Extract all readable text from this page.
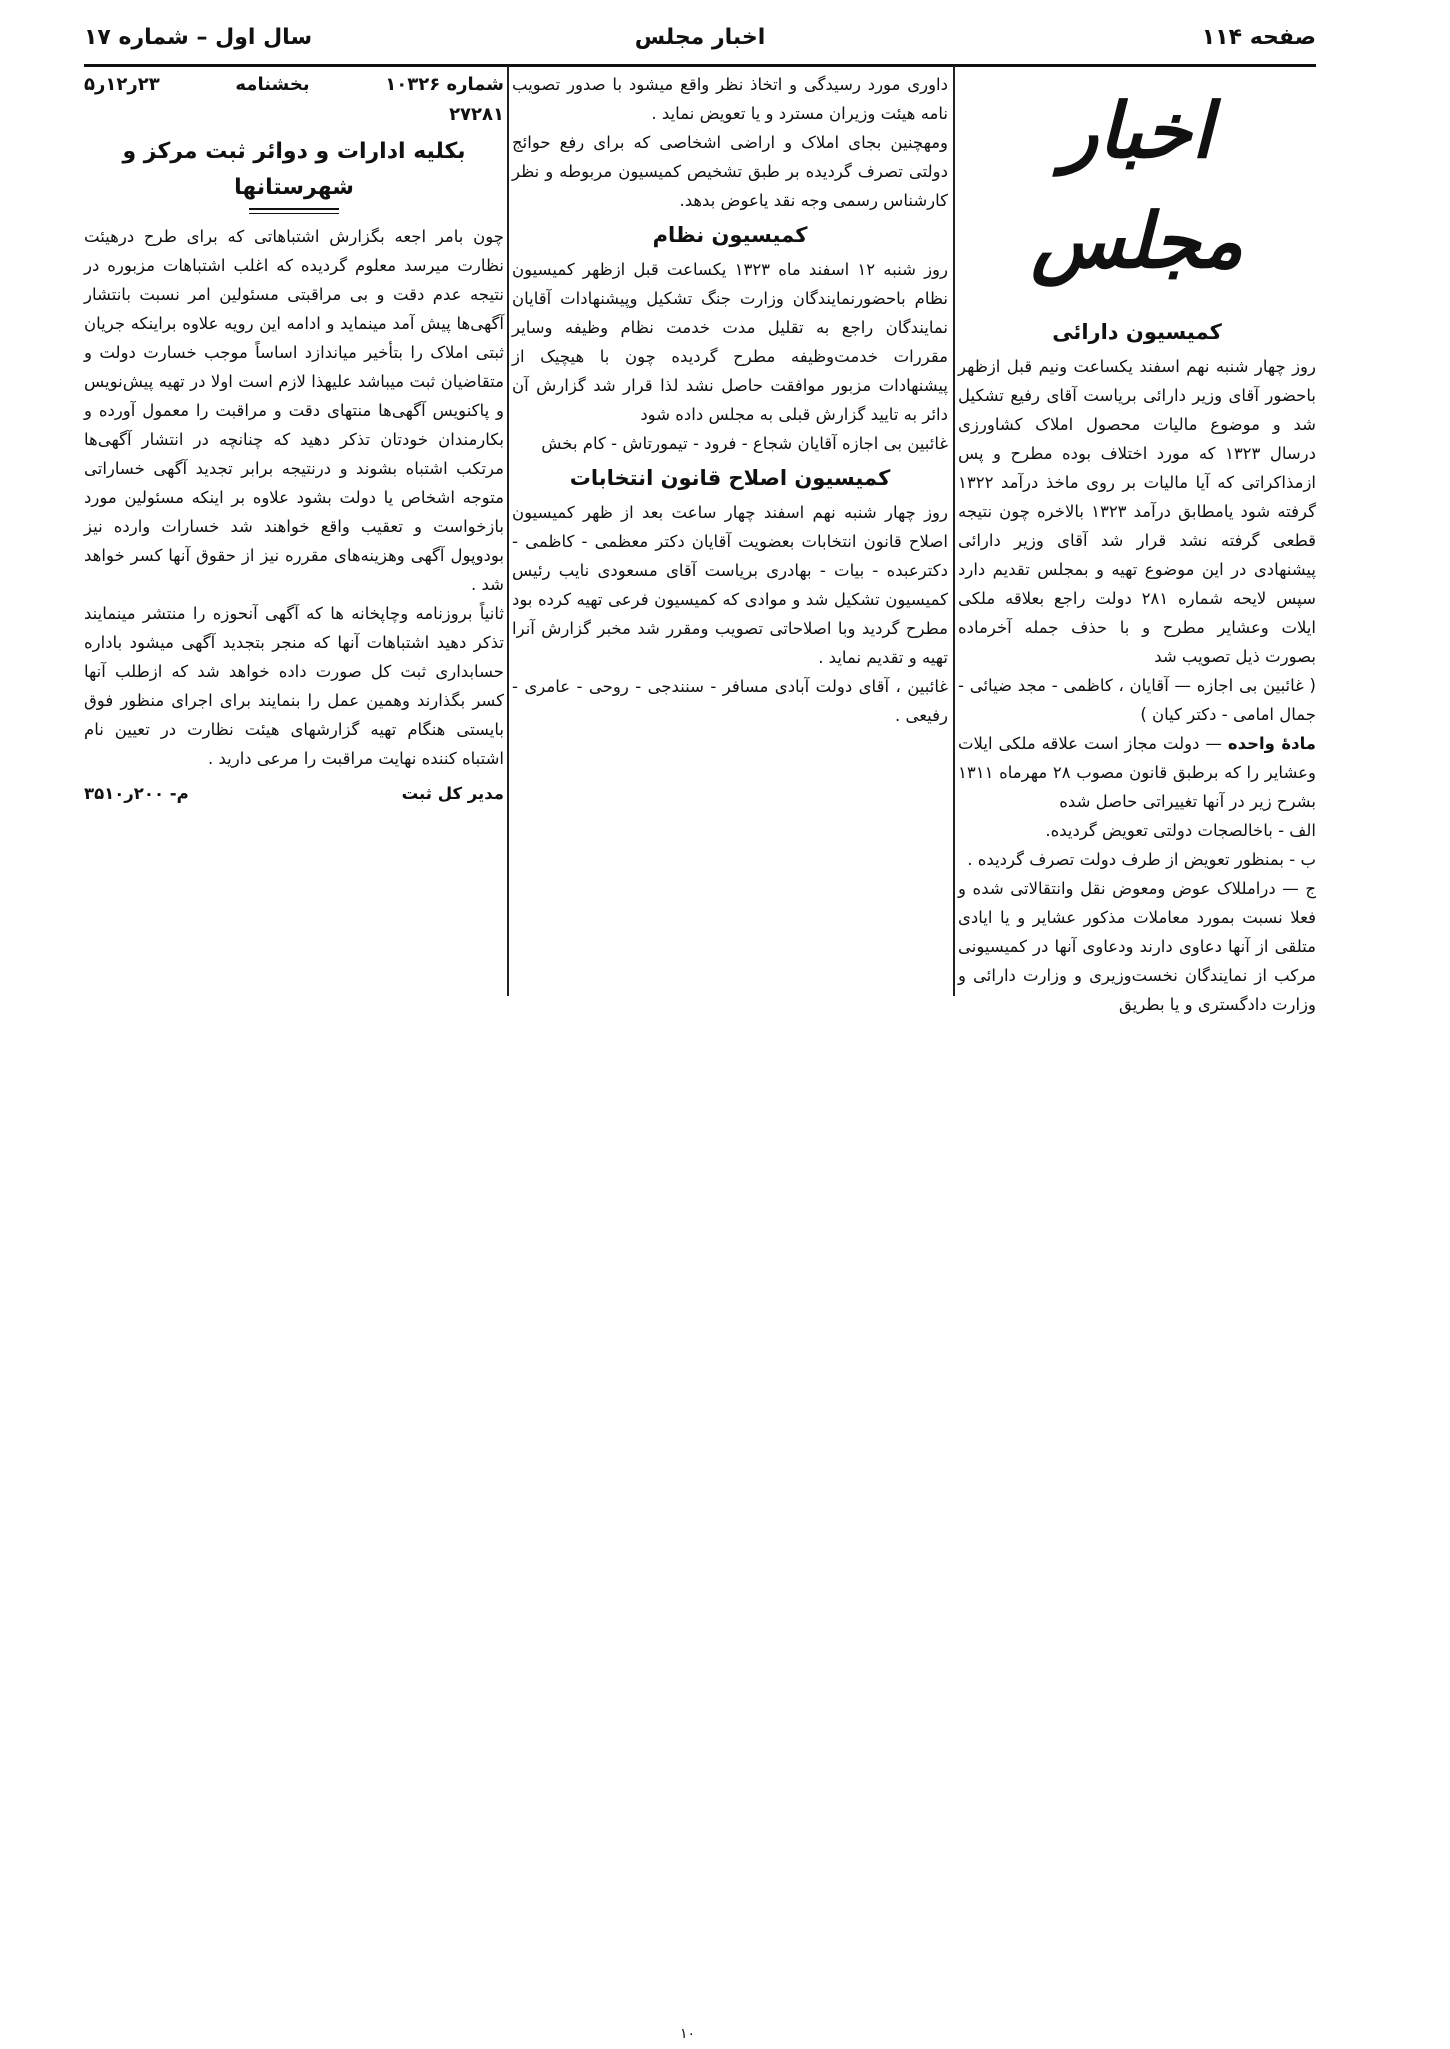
صفحه ۱۱۴
اخبار مجلس
سال اول – شماره ۱۷
اخبار مجلس
کمیسیون دارائی

روز چهار شنبه نهم اسفند یکساعت ونیم قبل ازظهر باحضور آقای وزیر دارائی بریاست آقای رفیع تشکیل شد و موضوع مالیات محصول املاک کشاورزی درسال ۱۳۲۳ که مورد اختلاف بوده مطرح و پس ازمذاکراتی که آیا مالیات بر روی ماخذ درآمد ۱۳۲۲ گرفته شود یامطابق درآمد ۱۳۲۳ بالاخره چون نتیجه قطعی گرفته نشد قرار شد آقای وزیر دارائی پیشنهادی در این موضوع تهیه و بمجلس تقدیم دارد سپس لایحه شماره ۲۸۱ دولت راجع بعلاقه ملکی ایلات وعشایر مطرح و با حذف جمله آخرماده بصورت ذیل تصویب شد

( غائبین بی اجازه — آقایان ، کاظمی - مجد ضیائی - جمال امامی - دکتر کیان )

مادهٔ واحده — دولت مجاز است علاقه ملکی ایلات وعشایر را که برطبق قانون مصوب ۲۸ مهرماه ۱۳۱۱ بشرح زیر در آنها تغییراتی حاصل شده

الف - باخالصجات دولتی تعویض گردیده.

ب - بمنظور تعویض از طرف دولت تصرف گردیده .

ج — درامللاک عوض ومعوض نقل وانتقالاتی شده و فعلا نسبت بمورد معاملات مذکور عشایر و یا ایادی متلقی از آنها دعاوی دارند ودعاوی آنها در کمیسیونی مرکب از نمایندگان نخست‌وزیری و وزارت دارائی و وزارت دادگستری و یا بطریق

داوری مورد رسیدگی و اتخاذ نظر واقع میشود با صدور تصویب نامه هیئت وزیران مسترد و یا تعویض نماید .

ومهچنین بجای املاک و اراضی اشخاصی که برای رفع حوائج دولتی تصرف گردیده بر طبق تشخیص کمیسیون مربوطه و نظر کارشناس رسمی وجه نقد یاعوض بدهد.

کمیسیون نظام

روز شنبه ۱۲ اسفند ماه ۱۳۲۳ یکساعت قبل ازظهر کمیسیون نظام باحضورنمایندگان وزارت جنگ تشکیل وپیشنهادات آقایان نمایندگان راجع به تقلیل مدت خدمت نظام وظیفه وسایر مقررات خدمت‌وظیفه مطرح گردیده چون با هیچیک از پیشنهادات مزبور موافقت حاصل نشد لذا قرار شد گزارش آن دائر به تایید گزارش قبلی به مجلس داده شود

غائبین بی اجازه آقایان شجاع - فرود - تیمورتاش - کام بخش

کمیسیون اصلاح قانون انتخابات

روز چهار شنبه نهم اسفند چهار ساعت بعد از ظهر کمیسیون اصلاح قانون انتخابات بعضویت آقایان دکتر معظمی - کاظمی - دکترعبده - بیات - بهادری بریاست آقای مسعودی نایب رئیس کمیسیون تشکیل شد و موادی که کمیسیون فرعی تهیه کرده بود مطرح گردید وبا اصلاحاتی تصویب ومقرر شد مخبر گزارش آنرا تهیه و تقدیم نماید .

غائبین ، آقای دولت آبادی مسافر - سنندجی - روحی - عامری - رفیعی .

شماره ۱۰۳۲۶
بخشنامه
۲۳ر۱۲ر۵
۲۷۲۸۱
بکلیه ادارات و دوائر ثبت مرکز و شهرستانها

چون بامر اجعه بگزارش اشتباهاتی که برای طرح درهیئت نظارت میرسد معلوم گردیده که اغلب اشتباهات مزبوره در نتیجه عدم دقت و بی مراقبتی مسئولین امر نسبت بانتشار آگهی‌ها پیش آمد مینماید و ادامه این رویه علاوه براینکه جریان ثبتی املاک را بتأخیر میاندازد اساساً موجب خسارت دولت و متقاضیان ثبت میباشد علیهذا لازم است اولا در تهیه پیش‌نویس و پاکنویس آگهی‌ها منتهای دقت و مراقبت را معمول آورده و بکارمندان خودتان تذکر دهید که چنانچه در انتشار آگهی‌ها مرتکب اشتباه بشوند و درنتیجه برابر تجدید آگهی خساراتی متوجه اشخاص یا دولت بشود علاوه بر اینکه مسئولین مورد بازخواست و تعقیب واقع خواهند شد خسارات وارده نیز بودوپول آگهی وهزینه‌های مقرره نیز از حقوق آنها کسر خواهد شد .

ثانیاً بروزنامه وچاپخانه ها که آگهی آنحوزه را منتشر مینمایند تذکر دهید اشتباهات آنها که منجر بتجدید آگهی میشود باداره حسابداری ثبت کل صورت داده خواهد شد که ازطلب آنها کسر بگذارند وهمین عمل را بنمایند برای اجرای منظور فوق بایستی هنگام تهیه گزارشهای هیئت نظارت در تعیین نام اشتباه کننده نهایت مراقبت را مرعی دارید .

مدیر کل ثبت
م- ۲۰۰ر۳۵۱۰
۱۰
